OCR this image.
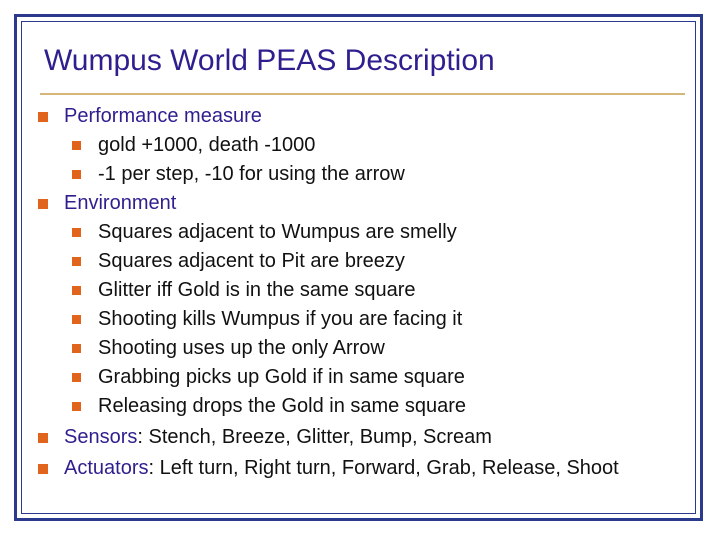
Wumpus World PEAS Description
Performance measure
gold +1000, death -1000
-1 per step, -10 for using the arrow
Environment
Squares adjacent to Wumpus are smelly
Squares adjacent to Pit are breezy
Glitter iff Gold is in the same square
Shooting kills Wumpus if you are facing it
Shooting uses up the only Arrow
Grabbing picks up Gold if in same square
Releasing drops the Gold in same square
Sensors: Stench, Breeze, Glitter, Bump, Scream
Actuators: Left turn, Right turn, Forward, Grab, Release, Shoot
